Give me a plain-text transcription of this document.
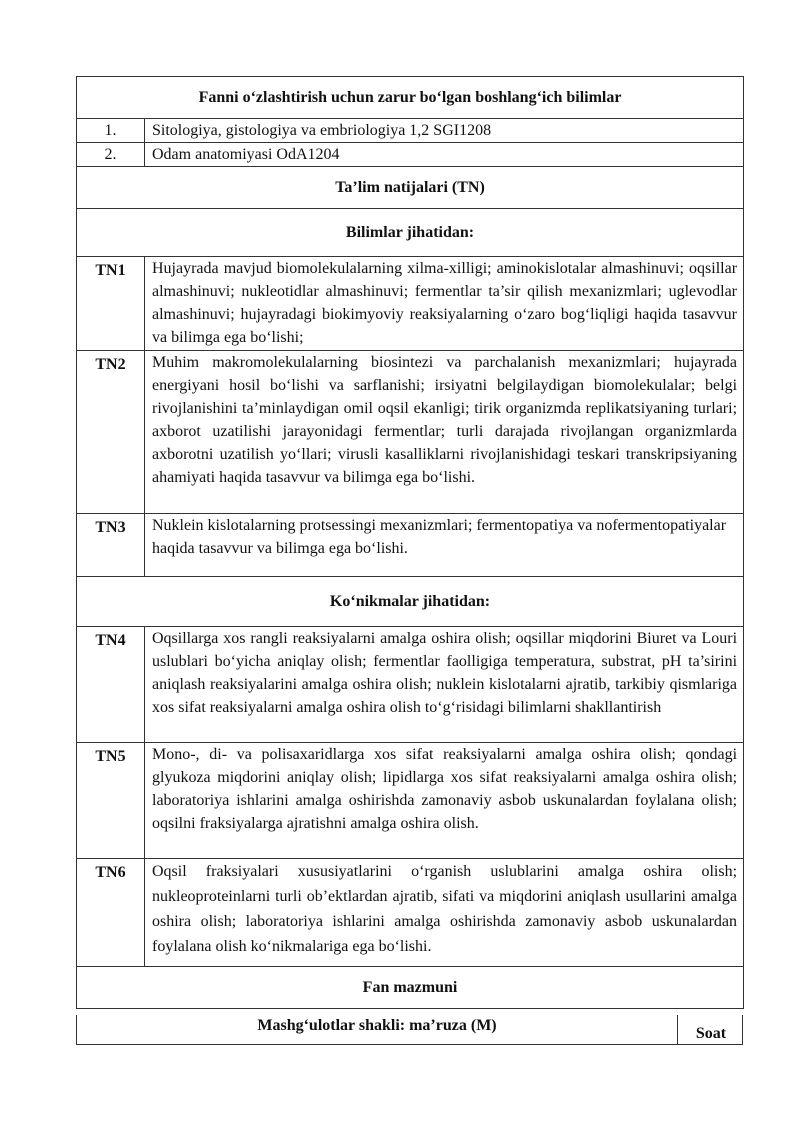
Fanni o‘zlashtirish uchun zarur bo‘lgan boshlang‘ich bilimlar	
1.	Sitologiya, gistologiya va embriologiya 1,2 SGI1208
2.	Odam anatomiyasi OdA1204
Ta’lim natijalari (TN)	
Bilimlar jihatidan:	
TN1	Hujayrada mavjud biomolekulalarning xilma-xilligi; aminokislotalar almashinuvi; oqsillar almashinuvi; nukleotidlar almashinuvi; fermentlar ta’sir qilish mexanizmlari; uglevodlar almashinuvi; hujayradagi biokimyoviy reaksiyalarning o‘zaro bog‘liqligi haqida tasavvur va bilimga ega bo‘lishi;
TN2	Muhim makromolekulalarning biosintezi va parchalanish mexanizmlari; hujayrada energiyani hosil bo‘lishi va sarflanishi; irsiyatni belgilaydigan biomolekulalar; belgi rivojlanishini ta’minlaydigan omil oqsil ekanligi; tirik organizmda replikatsiyaning turlari; axborot uzatilishi jarayonidagi fermentlar; turli darajada rivojlangan organizmlarda axborotni uzatilish yo‘llari; virusli kasalliklarni rivojlanishidagi teskari transkripsiyaning ahamiyati haqida tasavvur va bilimga ega bo‘lishi.
TN3	Nuklein kislotalarning protsessingi mexanizmlari; fermentopatiya va nofermentopatiyalar haqida tasavvur va bilimga ega bo‘lishi.
Ko‘nikmalar jihatidan:	
TN4	Oqsillarga xos rangli reaksiyalarni amalga oshira olish; oqsillar miqdorini Biuret va Louri uslublari bo‘yicha aniqlay olish; fermentlar faolligiga temperatura, substrat, pH ta’sirini aniqlash reaksiyalarini amalga oshira olish; nuklein kislotalarni ajratib, tarkibiy qismlariga xos sifat reaksiyalarni amalga oshira olish to‘g‘risidagi bilimlarni shakllantirish
TN5	Mono-, di- va polisaxaridlarga xos sifat reaksiyalarni amalga oshira olish; qondagi glyukoza miqdorini aniqlay olish; lipidlarga xos sifat reaksiyalarni amalga oshira olish; laboratoriya ishlarini amalga oshirishda zamonaviy asbob uskunalardan foylalana olish; oqsilni fraksiyalarga ajratishni amalga oshira olish.
TN6	Oqsil fraksiyalari xususiyatlarini o‘rganish uslublarini amalga oshira olish; nukleoproteinlarni turli ob’ektlardan ajratib, sifati va miqdorini aniqlash usullarini amalga oshira olish; laboratoriya ishlarini amalga oshirishda zamonaviy asbob uskunalardan foylalana olish ko‘nikmalariga ega bo‘lishi.
Fan mazmuni	
Mashg‘ulotlar shakli: ma’ruza (M)	Soat
